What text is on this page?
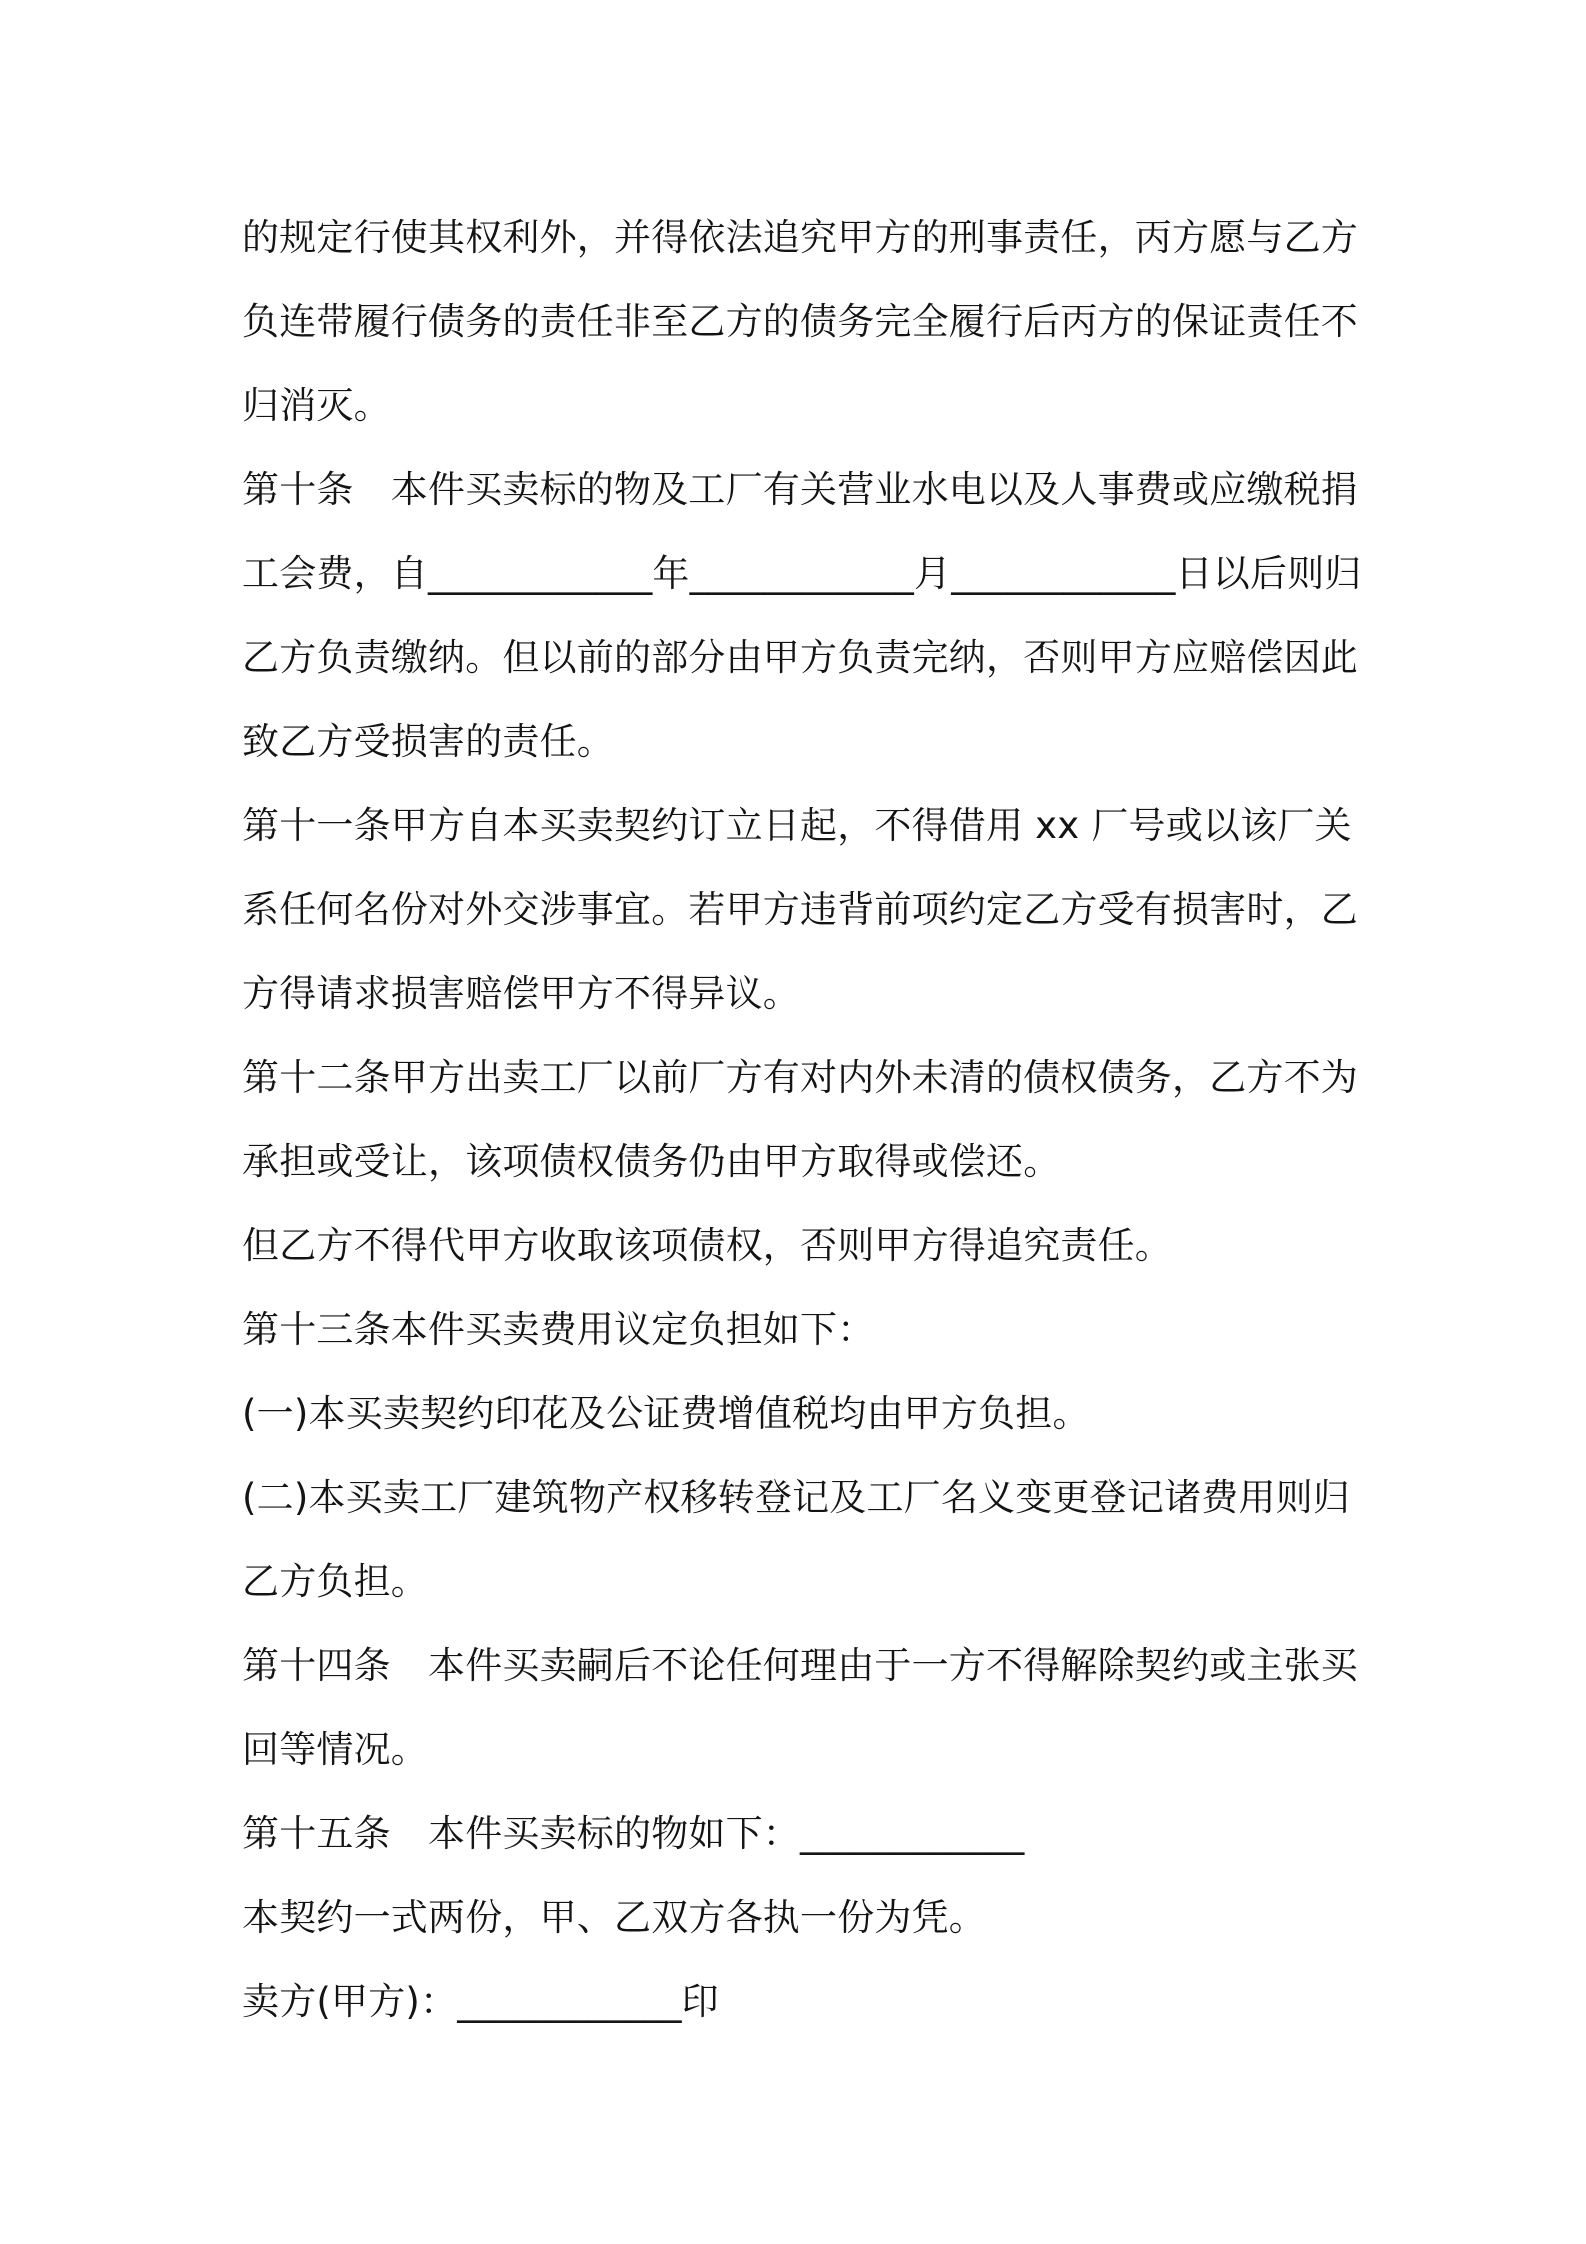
的规定行使其权利外，并得依法追究甲方的刑事责任，丙方愿与乙方负连带履行债务的责任非至乙方的债务完全履行后丙方的保证责任不归消灭。

第十条　本件买卖标的物及工厂有关营业水电以及人事费或应缴税捐工会费，自____________年____________月____________日以后则归乙方负责缴纳。但以前的部分由甲方负责完纳，否则甲方应赔偿因此致乙方受损害的责任。

第十一条甲方自本买卖契约订立日起，不得借用 xx 厂号或以该厂关系任何名份对外交涉事宜。若甲方违背前项约定乙方受有损害时，乙方得请求损害赔偿甲方不得异议。

第十二条甲方出卖工厂以前厂方有对内外未清的债权债务，乙方不为承担或受让，该项债权债务仍由甲方取得或偿还。

但乙方不得代甲方收取该项债权，否则甲方得追究责任。

第十三条本件买卖费用议定负担如下：

(一)本买卖契约印花及公证费增值税均由甲方负担。

(二)本买卖工厂建筑物产权移转登记及工厂名义变更登记诸费用则归乙方负担。

第十四条　本件买卖嗣后不论任何理由于一方不得解除契约或主张买回等情况。

第十五条　本件买卖标的物如下：____________

本契约一式两份，甲、乙双方各执一份为凭。

卖方(甲方)：____________印
